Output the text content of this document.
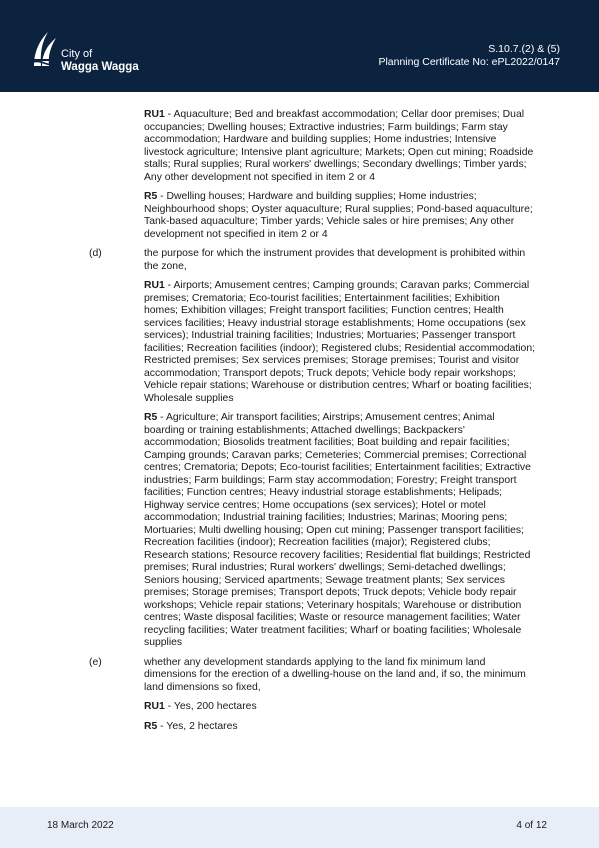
City of
Wagga Wagga
S.10.7.(2) & (5)
Planning Certificate No: ePL2022/0147

RU1 - Aquaculture; Bed and breakfast accommodation; Cellar door premises; Dual occupancies; Dwelling houses; Extractive industries; Farm buildings; Farm stay accommodation; Hardware and building supplies; Home industries; Intensive livestock agriculture; Intensive plant agriculture; Markets; Open cut mining; Roadside stalls; Rural supplies; Rural workers' dwellings; Secondary dwellings; Timber yards; Any other development not specified in item 2 or 4

R5 - Dwelling houses; Hardware and building supplies; Home industries; Neighbourhood shops; Oyster aquaculture; Rural supplies; Pond-based aquaculture; Tank-based aquaculture; Timber yards; Vehicle sales or hire premises; Any other development not specified in item 2 or 4

(d)	the purpose for which the instrument provides that development is prohibited within the zone,

RU1 - Airports; Amusement centres; Camping grounds; Caravan parks; Commercial premises; Crematoria; Eco-tourist facilities; Entertainment facilities; Exhibition homes; Exhibition villages; Freight transport facilities; Function centres; Health services facilities; Heavy industrial storage establishments; Home occupations (sex services); Industrial training facilities; Industries; Mortuaries; Passenger transport facilities; Recreation facilities (indoor); Registered clubs; Residential accommodation; Restricted premises; Sex services premises; Storage premises; Tourist and visitor accommodation; Transport depots; Truck depots; Vehicle body repair workshops; Vehicle repair stations; Warehouse or distribution centres; Wharf or boating facilities; Wholesale supplies

R5 - Agriculture; Air transport facilities; Airstrips; Amusement centres; Animal boarding or training establishments; Attached dwellings; Backpackers' accommodation; Biosolids treatment facilities; Boat building and repair facilities; Camping grounds; Caravan parks; Cemeteries; Commercial premises; Correctional centres; Crematoria; Depots; Eco-tourist facilities; Entertainment facilities; Extractive industries; Farm buildings; Farm stay accommodation; Forestry; Freight transport facilities; Function centres; Heavy industrial storage establishments; Helipads; Highway service centres; Home occupations (sex services); Hotel or motel accommodation; Industrial training facilities; Industries; Marinas; Mooring pens; Mortuaries; Multi dwelling housing; Open cut mining; Passenger transport facilities; Recreation facilities (indoor); Recreation facilities (major); Registered clubs; Research stations; Resource recovery facilities; Residential flat buildings; Restricted premises; Rural industries; Rural workers' dwellings; Semi-detached dwellings; Seniors housing; Serviced apartments; Sewage treatment plants; Sex services premises; Storage premises; Transport depots; Truck depots; Vehicle body repair workshops; Vehicle repair stations; Veterinary hospitals; Warehouse or distribution centres; Waste disposal facilities; Waste or resource management facilities; Water recycling facilities; Water treatment facilities; Wharf or boating facilities; Wholesale supplies

(e)	whether any development standards applying to the land fix minimum land dimensions for the erection of a dwelling-house on the land and, if so, the minimum land dimensions so fixed,

RU1 - Yes, 200 hectares

R5 - Yes, 2 hectares

18 March 2022	4 of 12
